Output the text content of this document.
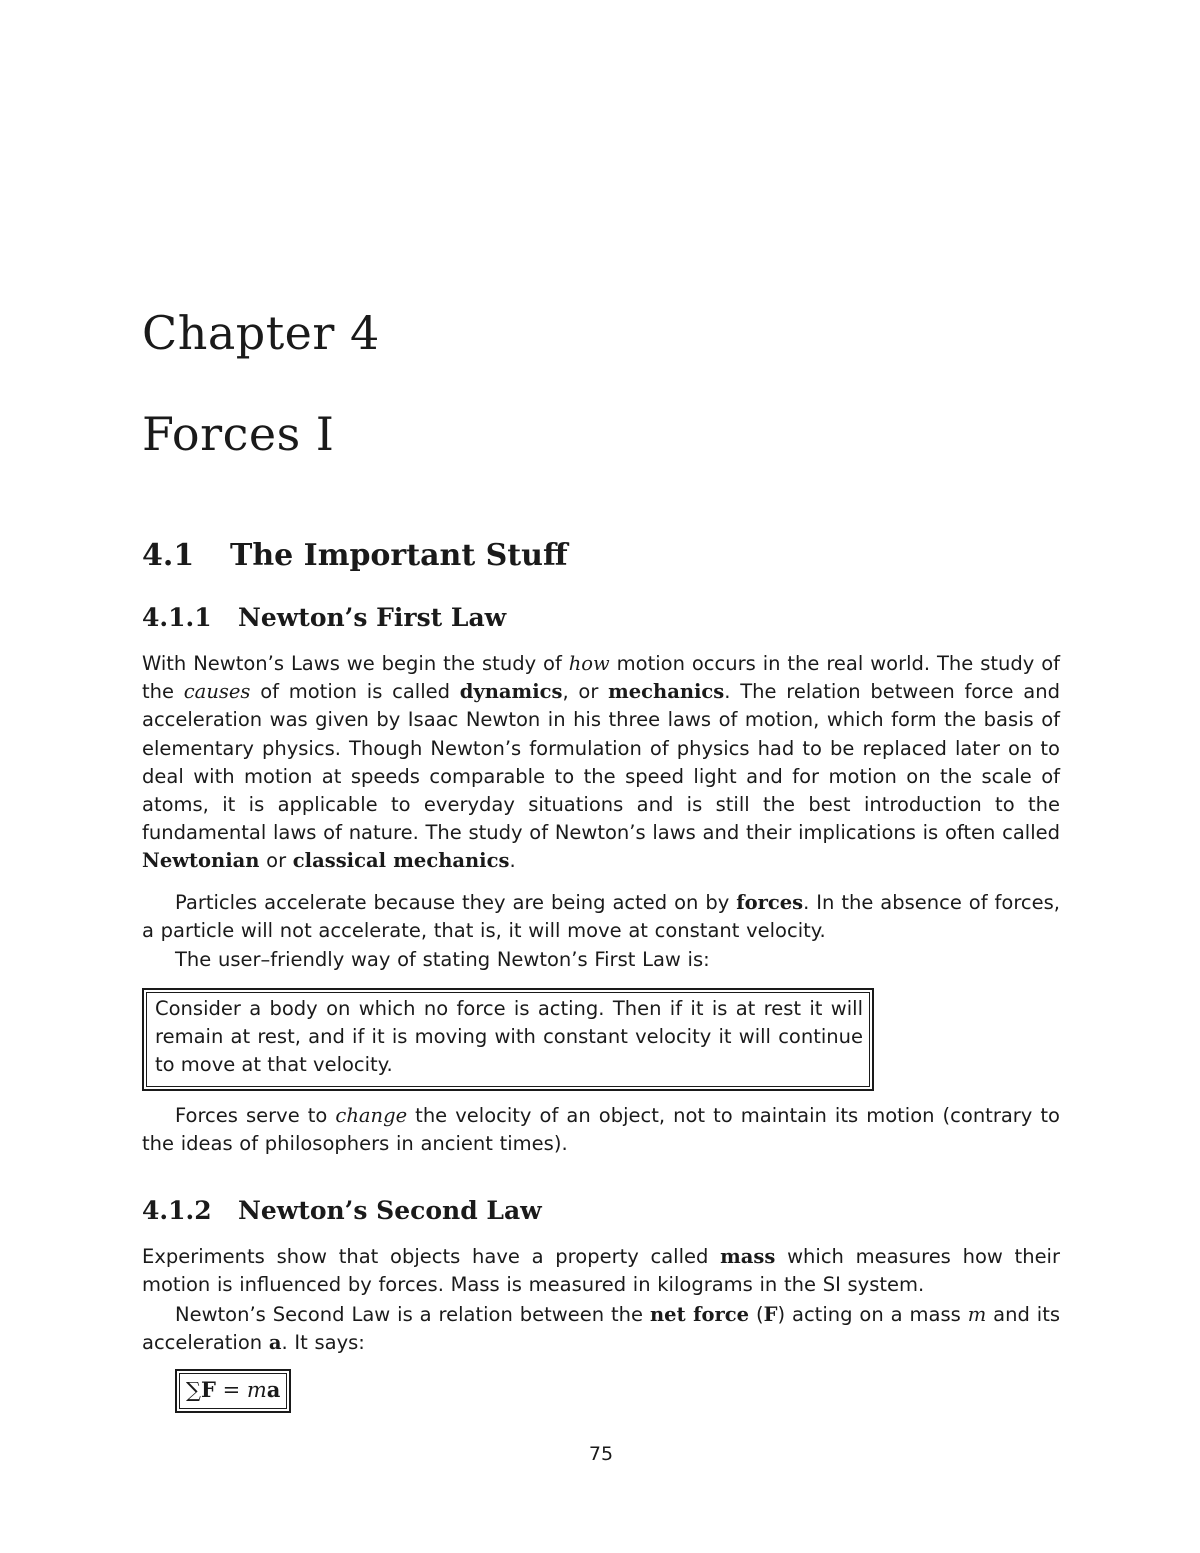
Chapter 4
Forces I
4.1 The Important Stuff
4.1.1 Newton’s First Law

With Newton’s Laws we begin the study of how motion occurs in the real world. The study of the causes of motion is called dynamics, or mechanics. The relation between force and acceleration was given by Isaac Newton in his three laws of motion, which form the basis of elementary physics. Though Newton’s formulation of physics had to be replaced later on to deal with motion at speeds comparable to the speed light and for motion on the scale of atoms, it is applicable to everyday situations and is still the best introduction to the fundamental laws of nature. The study of Newton’s laws and their implications is often called Newtonian or classical mechanics.

Particles accelerate because they are being acted on by forces. In the absence of forces, a particle will not accelerate, that is, it will move at constant velocity.

The user–friendly way of stating Newton’s First Law is:

Consider a body on which no force is acting. Then if it is at rest it will remain at rest, and if it is moving with constant velocity it will continue to move at that velocity.

Forces serve to change the velocity of an object, not to maintain its motion (contrary to the ideas of philosophers in ancient times).

4.1.2 Newton’s Second Law

Experiments show that objects have a property called mass which measures how their motion is influenced by forces. Mass is measured in kilograms in the SI system.

Newton’s Second Law is a relation between the net force (F) acting on a mass m and its acceleration a. It says:

∑F = ma

75
